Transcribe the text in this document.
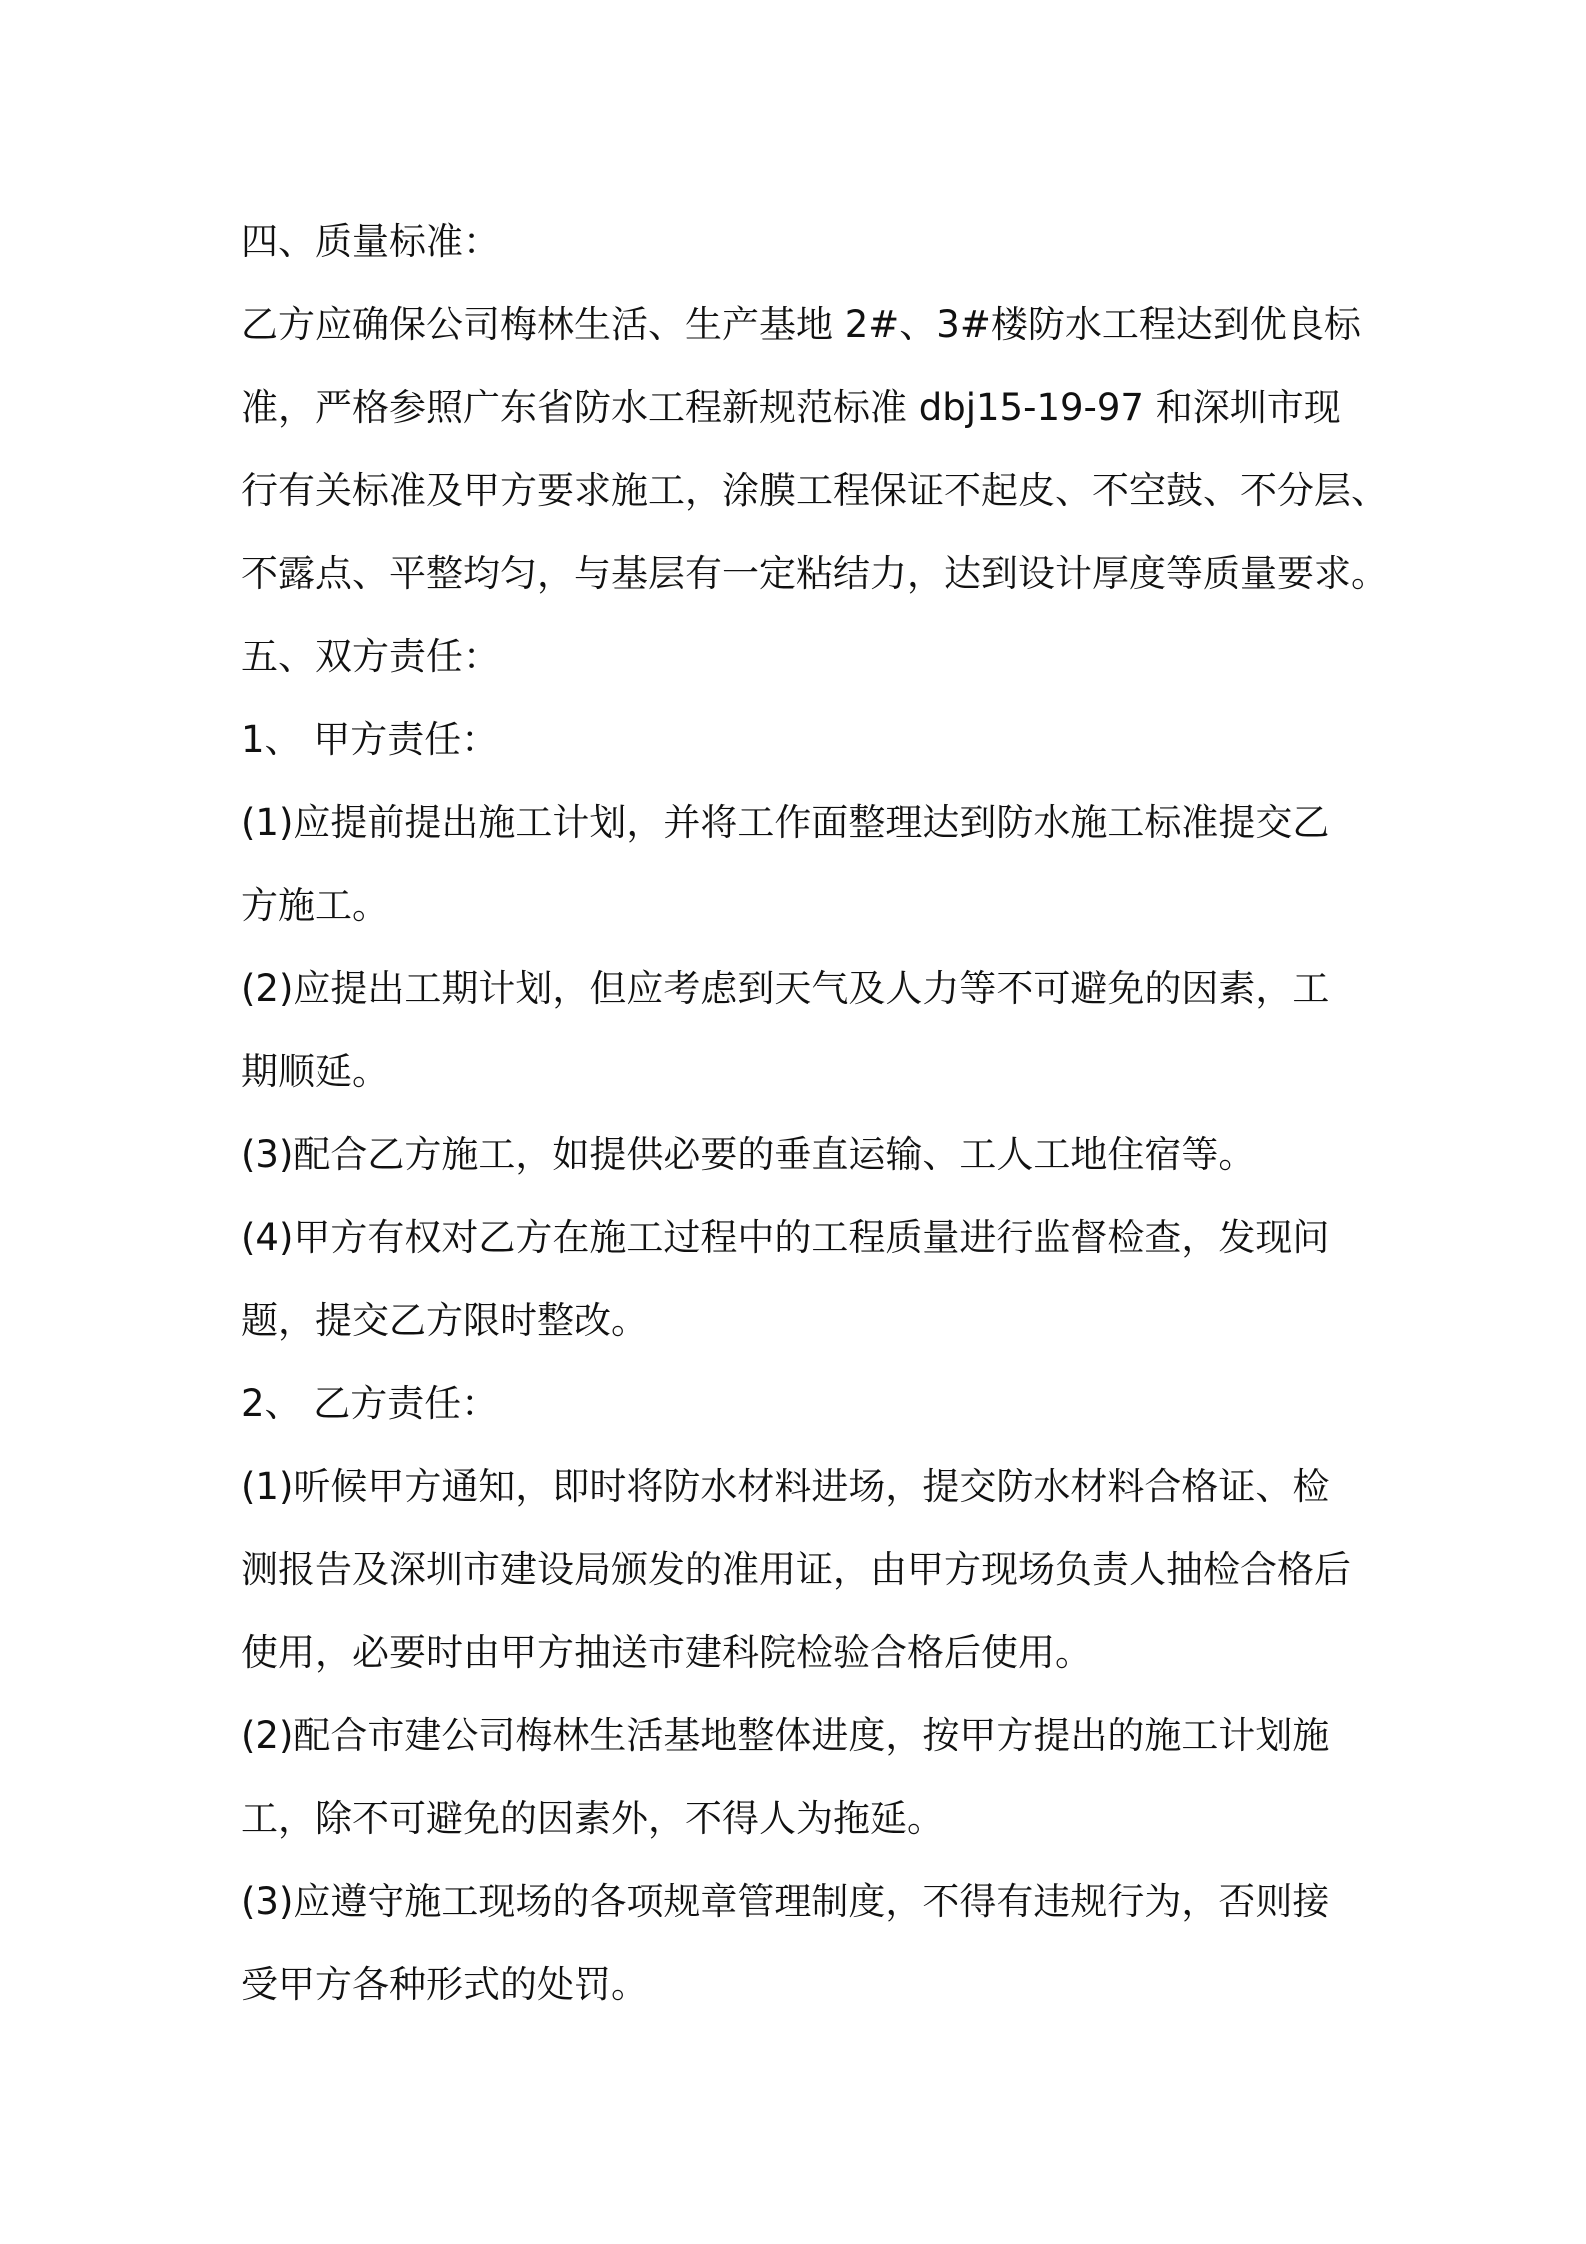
四、质量标准：
乙方应确保公司梅林生活、生产基地 2#、3#楼防水工程达到优良标
准，严格参照广东省防水工程新规范标准 dbj15-19-97 和深圳市现
行有关标准及甲方要求施工，涂膜工程保证不起皮、不空鼓、不分层、
不露点、平整均匀，与基层有一定粘结力，达到设计厚度等质量要求。
五、双方责任：
1、 甲方责任：
(1)应提前提出施工计划，并将工作面整理达到防水施工标准提交乙
方施工。
(2)应提出工期计划，但应考虑到天气及人力等不可避免的因素，工
期顺延。
(3)配合乙方施工，如提供必要的垂直运输、工人工地住宿等。
(4)甲方有权对乙方在施工过程中的工程质量进行监督检查，发现问
题，提交乙方限时整改。
2、 乙方责任：
(1)听候甲方通知，即时将防水材料进场，提交防水材料合格证、检
测报告及深圳市建设局颁发的准用证，由甲方现场负责人抽检合格后
使用，必要时由甲方抽送市建科院检验合格后使用。
(2)配合市建公司梅林生活基地整体进度，按甲方提出的施工计划施
工，除不可避免的因素外，不得人为拖延。
(3)应遵守施工现场的各项规章管理制度，不得有违规行为，否则接
受甲方各种形式的处罚。
